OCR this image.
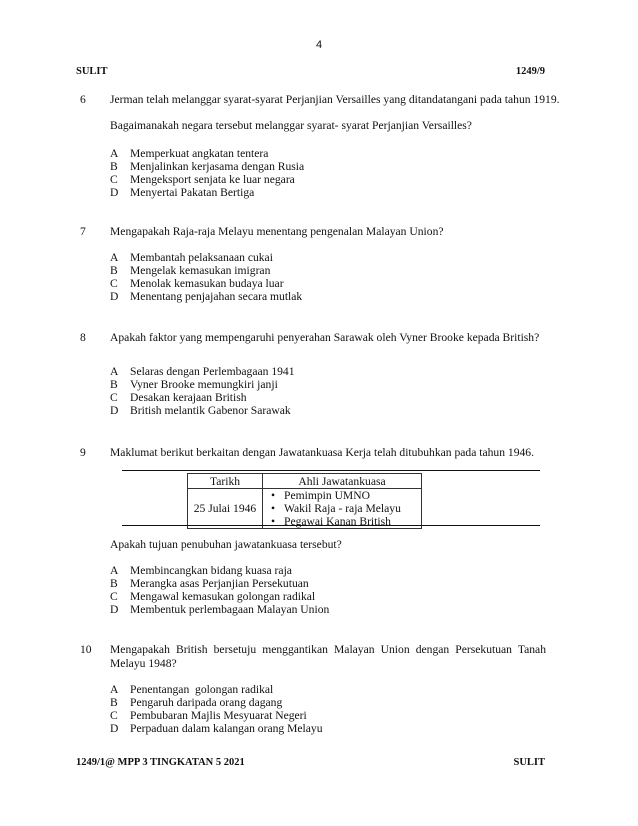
4
SULIT	1249/9
6 Jerman telah melanggar syarat-syarat Perjanjian Versailles yang ditandatangani pada tahun 1919.
Bagaimanakah negara tersebut melanggar syarat- syarat Perjanjian Versailles?
A Memperkuat angkatan tentera
B Menjalinkan kerjasama dengan Rusia
C Mengeksport senjata ke luar negara
D Menyertai Pakatan Bertiga
7 Mengapakah Raja-raja Melayu menentang pengenalan Malayan Union?
A Membantah pelaksanaan cukai
B Mengelak kemasukan imigran
C Menolak kemasukan budaya luar
D Menentang penjajahan secara mutlak
8 Apakah faktor yang mempengaruhi penyerahan Sarawak oleh Vyner Brooke kepada British?
A Selaras dengan Perlembagaan 1941
B Vyner Brooke memungkiri janji
C Desakan kerajaan British
D British melantik Gabenor Sarawak
9 Maklumat berikut berkaitan dengan Jawatankuasa Kerja telah ditubuhkan pada tahun 1946.
Tarikh	Ahli Jawatankuasa
25 Julai 1946	• Pemimpin UMNO
• Wakil Raja - raja Melayu
• Pegawai Kanan British
Apakah tujuan penubuhan jawatankuasa tersebut?
A Membincangkan bidang kuasa raja
B Merangka asas Perjanjian Persekutuan
C Mengawal kemasukan golongan radikal
D Membentuk perlembagaan Malayan Union
10 Mengapakah British bersetuju menggantikan Malayan Union dengan Persekutuan Tanah Melayu 1948?
A Penentangan  golongan radikal
B Pengaruh daripada orang dagang
C Pembubaran Majlis Mesyuarat Negeri
D Perpaduan dalam kalangan orang Melayu
1249/1@ MPP 3 TINGKATAN 5 2021	SULIT
